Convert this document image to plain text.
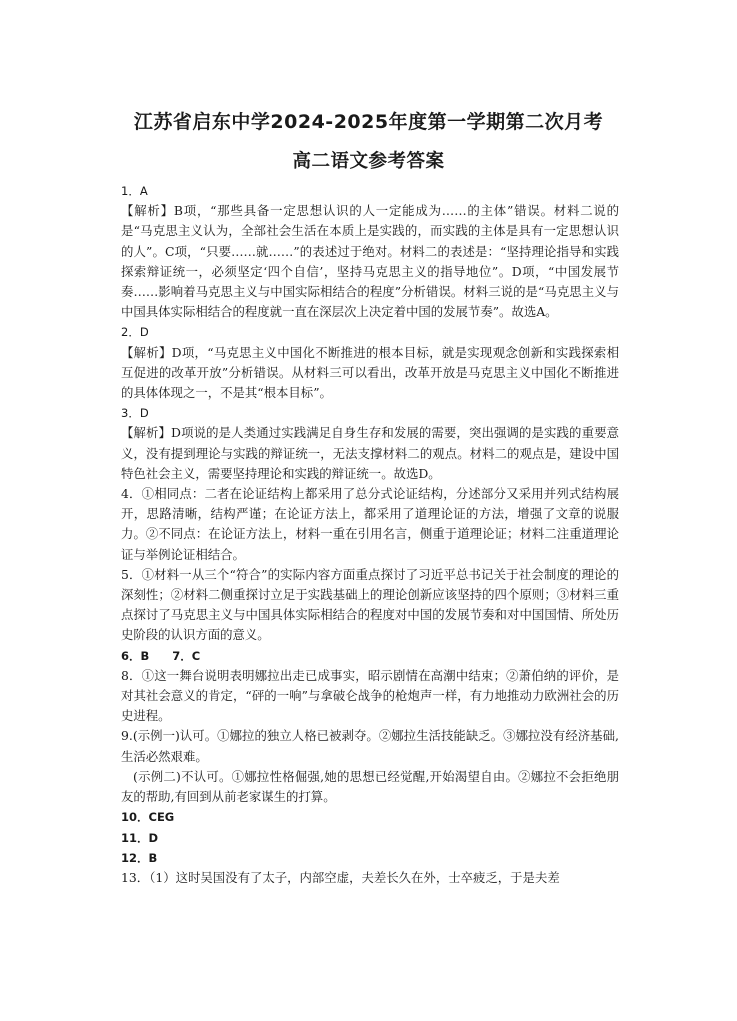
江苏省启东中学2024-2025年度第一学期第二次月考
高二语文参考答案

1．A

【解析】B项，“那些具备一定思想认识的人一定能成为……的主体”错误。材料二说的是“马克思主义认为，全部社会生活在本质上是实践的，而实践的主体是具有一定思想认识的人”。C项，“只要……就……”的表述过于绝对。材料二的表述是：“坚持理论指导和实践探索辩证统一，必须坚定‘四个自信’，坚持马克思主义的指导地位”。D项，“中国发展节奏……影响着马克思主义与中国实际相结合的程度”分析错误。材料三说的是“马克思主义与中国具体实际相结合的程度就一直在深层次上决定着中国的发展节奏”。故选A。

2．D

【解析】D项，“马克思主义中国化不断推进的根本目标，就是实现观念创新和实践探索相互促进的改革开放”分析错误。从材料三可以看出，改革开放是马克思主义中国化不断推进的具体体现之一，不是其“根本目标”。

3．D

【解析】D项说的是人类通过实践满足自身生存和发展的需要，突出强调的是实践的重要意义，没有提到理论与实践的辩证统一，无法支撑材料二的观点。材料二的观点是，建设中国特色社会主义，需要坚持理论和实践的辩证统一。故选D。

4．①相同点：二者在论证结构上都采用了总分式论证结构，分述部分又采用并列式结构展开，思路清晰，结构严谨；在论证方法上，都采用了道理论证的方法，增强了文章的说服力。②不同点：在论证方法上，材料一重在引用名言，侧重于道理论证；材料二注重道理论证与举例论证相结合。

5．①材料一从三个“符合”的实际内容方面重点探讨了习近平总书记关于社会制度的理论的深刻性；②材料二侧重探讨立足于实践基础上的理论创新应该坚持的四个原则；③材料三重点探讨了马克思主义与中国具体实际相结合的程度对中国的发展节奏和对中国国情、所处历史阶段的认识方面的意义。

6．B　　7．C

8．①这一舞台说明表明娜拉出走已成事实，昭示剧情在高潮中结束；②萧伯纳的评价，是对其社会意义的肯定，“砰的一响”与拿破仑战争的枪炮声一样，有力地推动力欧洲社会的历史进程。

9.(示例一)认可。①娜拉的独立人格已被剥夺。②娜拉生活技能缺乏。③娜拉没有经济基础,生活必然艰难。

(示例二)不认可。①娜拉性格倔强,她的思想已经觉醒,开始渴望自由。②娜拉不会拒绝朋友的帮助,有回到从前老家谋生的打算。

10．CEG

11．D

12．B

13．（1）这时吴国没有了太子，内部空虚，夫差长久在外，士卒疲乏，于是夫差
